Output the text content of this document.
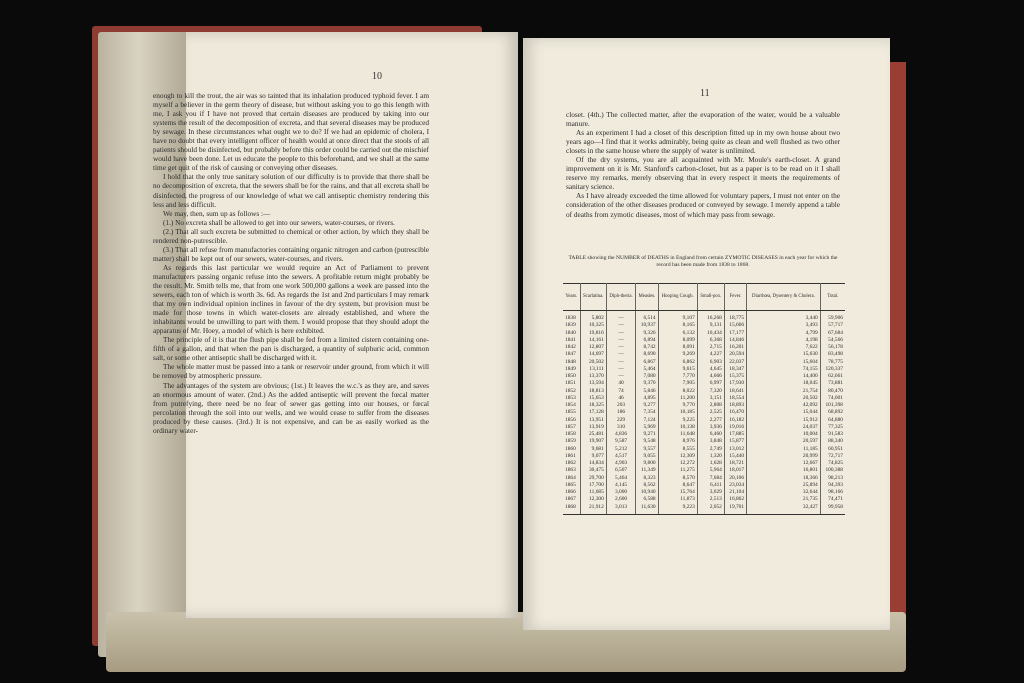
10
11

enough to kill the trout, the air was so tainted that its inhalation produced typhoid fever. I am myself a believer in the germ theory of disease, but without asking you to go this length with me, I ask you if I have not proved that certain diseases are produced by taking into our systems the result of the decomposition of excreta, and that several diseases may be produced by sewage. In these circumstances what ought we to do? If we had an epidemic of cholera, I have no doubt that every intelligent officer of health would at once direct that the stools of all patients should be disinfected, but probably before this order could be carried out the mischief would have been done. Let us educate the people to this beforehand, and we shall at the same time get quit of the risk of causing or conveying other diseases.

I hold that the only true sanitary solution of our difficulty is to provide that there shall be no decomposition of excreta, that the sewers shall be for the rains, and that all excreta shall be disinfected, the progress of our knowledge of what we call antiseptic chemistry rendering this less and less difficult.

We may, then, sum up as follows :—

(1.) No excreta shall be allowed to get into our sewers, water-courses, or rivers.

(2.) That all such excreta be submitted to chemical or other action, by which they shall be rendered non-putrescible.

(3.) That all refuse from manufactories containing organic nitrogen and carbon (putrescible matter) shall be kept out of our sewers, water-courses, and rivers.

As regards this last particular we would require an Act of Parliament to prevent manufacturers passing organic refuse into the sewers. A profitable return might probably be the result. Mr. Smith tells me, that from one work 500,000 gallons a week are passed into the sewers, each ton of which is worth 3s. 6d. As regards the 1st and 2nd particulars I may remark that my own individual opinion inclines in favour of the dry system, but provision must be made for those towns in which water-closets are already established, and where the inhabitants would be unwilling to part with them. I would propose that they should adopt the apparatus of Mr. Hoey, a model of which is here exhibited.

The principle of it is that the flush pipe shall be fed from a limited cistern containing one-fifth of a gallon, and that when the pan is discharged, a quantity of sulphuric acid, common salt, or some other antiseptic shall be discharged with it.

The whole matter must be passed into a tank or reservoir under ground, from which it will be removed by atmospheric pressure.

The advantages of the system are obvious; (1st.) It leaves the w.c.'s as they are, and saves an enormous amount of water. (2nd.) As the added antiseptic will prevent the fœcal matter from putrefying, there need be no fear of sewer gas getting into our houses, or fœcal percolation through the soil into our wells, and we would cease to suffer from the diseases produced by these causes. (3rd.) It is not expensive, and can be as easily worked as the ordinary water-

closet. (4th.) The collected matter, after the evaporation of the water, would be a valuable manure.

As an experiment I had a closet of this description fitted up in my own house about two years ago—I find that it works admirably, being quite as clean and well flushed as two other closets in the same house where the supply of water is unlimited.

Of the dry systems, you are all acquainted with Mr. Moule's earth-closet. A grand improvement on it is Mr. Stanford's carbon-closet, but as a paper is to be read on it I shall reserve my remarks, merely observing that in every respect it meets the requirements of sanitary science.

As I have already exceeded the time allowed for voluntary papers, I must not enter on the consideration of the other diseases produced or conveyed by sewage. I merely append a table of deaths from zymotic diseases, most of which may pass from sewage.

TABLE showing the NUMBER of DEATHS in England from certain ZYMOTIC DISEASES in each year for which the record has been made from 1838 to 1868.
Years.	Scarlatina.	Diph-theria.	Measles.	Hooping Cough.	Small-pox.	Fever.	Diarrhœa, Dysentery & Cholera.	Total.
1838	5,802	—	6,514	9,107	16,268	18,775	3,440	59,906
1839	10,325	—	10,937	8,165	9,131	15,666	3,493	57,717
1840	19,816	—	9,326	6,132	10,434	17,177	4,799	67,684
1841	14,161	—	6,894	8,099	6,368	14,846	4,198	54,566
1842	12,807	—	8,742	8,091	2,715	16,201	7,622	56,178
1847	14,697	—	8,690	9,269	4,227	20,594	15,630	83,498
1848	20,502	—	6,867	6,862	6,903	22,037	15,604	78,775
1849	13,111	—	5,464	9,615	4,645	18,347	74,155	120,337
1850	13,370	—	7,080	7,770	4,666	15,375	14,400	62,661
1851	13,594	40	9,370	7,905	6,997	17,930	18,045	73,881
1852	18,813	74	5,846	8,022	7,320	18,641	21,754	80,470
1853	15,653	46	4,895	11,200	3,151	18,554	20,502	74,001
1854	18,325	203	9,277	9,770	2,808	18,893	42,092	101,398
1855	17,128	186	7,354	10,185	2,525	16,470	15,044	68,892
1856	13,951	229	7,124	9,225	2,277	16,182	15,912	64,880
1857	13,919	310	5,969	10,138	3,936	19,016	24,037	77,325
1858	25,481	4,836	9,271	11,648	6,460	17,885	10,004	91,583
1859	19,907	9,587	9,548	8,976	3,848	15,877	20,597	88,340
1860	9,681	5,212	9,557	8,555	2,749	13,012	11,185	60,951
1861	9,077	4,517	9,055	12,309	1,320	15,440	20,999	72,717
1862	14,834	4,903	9,800	12,272	1,628	18,721	12,667	74,825
1863	30,475	6,507	11,349	11,275	5,964	18,017	16,801	100,388
1864	29,700	5,464	8,323	8,570	7,684	20,106	18,366	98,213
1865	17,700	4,145	8,562	8,647	6,411	23,034	25,894	94,393
1866	11,685	3,000	10,940	15,764	3,029	21,104	32,644	98,166
1867	12,300	2,600	6,588	11,873	2,513	16,862	21,735	74,471
1868	21,912	3,013	11,630	9,223	2,052	19,701	32,427	99,958
